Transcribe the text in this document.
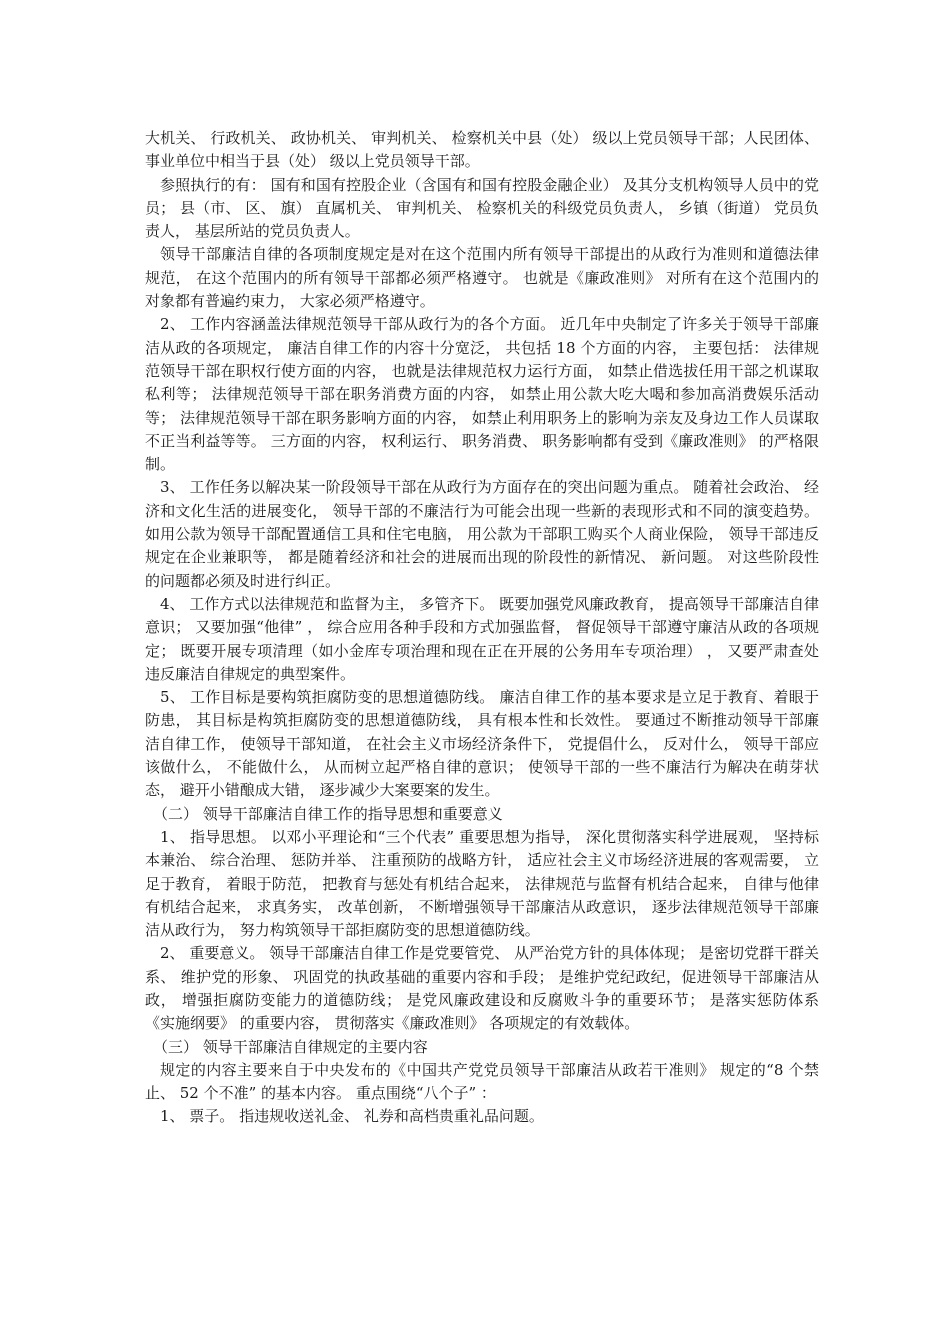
大机关、 行政机关、 政协机关、 审判机关、 检察机关中县（处） 级以上党员领导干部；人民团体、 事业单位中相当于县（处） 级以上党员领导干部。

参照执行的有： 国有和国有控股企业（含国有和国有控股金融企业） 及其分支机构领导人员中的党员； 县（市、 区、 旗） 直属机关、 审判机关、 检察机关的科级党员负责人， 乡镇（街道） 党员负责人， 基层所站的党员负责人。

领导干部廉洁自律的各项制度规定是对在这个范围内所有领导干部提出的从政行为准则和道德法律规范， 在这个范围内的所有领导干部都必须严格遵守。 也就是《廉政准则》 对所有在这个范围内的对象都有普遍约束力， 大家必须严格遵守。

2、 工作内容涵盖法律规范领导干部从政行为的各个方面。 近几年中央制定了许多关于领导干部廉洁从政的各项规定， 廉洁自律工作的内容十分宽泛， 共包括 18 个方面的内容， 主要包括： 法律规范领导干部在职权行使方面的内容， 也就是法律规范权力运行方面， 如禁止借选拔任用干部之机谋取私利等； 法律规范领导干部在职务消费方面的内容， 如禁止用公款大吃大喝和参加高消费娱乐活动等； 法律规范领导干部在职务影响方面的内容， 如禁止利用职务上的影响为亲友及身边工作人员谋取不正当利益等等。 三方面的内容， 权利运行、 职务消费、 职务影响都有受到《廉政准则》 的严格限制。

3、 工作任务以解决某一阶段领导干部在从政行为方面存在的突出问题为重点。 随着社会政治、 经济和文化生活的进展变化， 领导干部的不廉洁行为可能会出现一些新的表现形式和不同的演变趋势。 如用公款为领导干部配置通信工具和住宅电脑， 用公款为干部职工购买个人商业保险， 领导干部违反规定在企业兼职等， 都是随着经济和社会的进展而出现的阶段性的新情况、 新问题。 对这些阶段性的问题都必须及时进行纠正。

4、 工作方式以法律规范和监督为主， 多管齐下。 既要加强党风廉政教育， 提高领导干部廉洁自律意识； 又要加强“他律” ， 综合应用各种手段和方式加强监督， 督促领导干部遵守廉洁从政的各项规定； 既要开展专项清理（如小金库专项治理和现在正在开展的公务用车专项治理） ， 又要严肃查处违反廉洁自律规定的典型案件。

5、 工作目标是要构筑拒腐防变的思想道德防线。 廉洁自律工作的基本要求是立足于教育、着眼于防患， 其目标是构筑拒腐防变的思想道德防线， 具有根本性和长效性。 要通过不断推动领导干部廉洁自律工作， 使领导干部知道， 在社会主义市场经济条件下， 党提倡什么， 反对什么， 领导干部应该做什么， 不能做什么， 从而树立起严格自律的意识； 使领导干部的一些不廉洁行为解决在萌芽状态， 避开小错酿成大错， 逐步减少大案要案的发生。

（二） 领导干部廉洁自律工作的指导思想和重要意义

1、 指导思想。 以邓小平理论和“三个代表” 重要思想为指导， 深化贯彻落实科学进展观， 坚持标本兼治、 综合治理、 惩防并举、 注重预防的战略方针， 适应社会主义市场经济进展的客观需要， 立足于教育， 着眼于防范， 把教育与惩处有机结合起来， 法律规范与监督有机结合起来， 自律与他律有机结合起来， 求真务实， 改革创新， 不断增强领导干部廉洁从政意识， 逐步法律规范领导干部廉洁从政行为， 努力构筑领导干部拒腐防变的思想道德防线。

2、 重要意义。 领导干部廉洁自律工作是党要管党、 从严治党方针的具体体现； 是密切党群干群关系、 维护党的形象、 巩固党的执政基础的重要内容和手段； 是维护党纪政纪，促进领导干部廉洁从政， 增强拒腐防变能力的道德防线； 是党风廉政建设和反腐败斗争的重要环节； 是落实惩防体系《实施纲要》 的重要内容， 贯彻落实《廉政准则》 各项规定的有效载体。

（三） 领导干部廉洁自律规定的主要内容

规定的内容主要来自于中央发布的《中国共产党党员领导干部廉洁从政若干准则》 规定的“8 个禁止、 52 个不准” 的基本内容。 重点围绕“八个子” ：

1、 票子。 指违规收送礼金、 礼券和高档贵重礼品问题。
